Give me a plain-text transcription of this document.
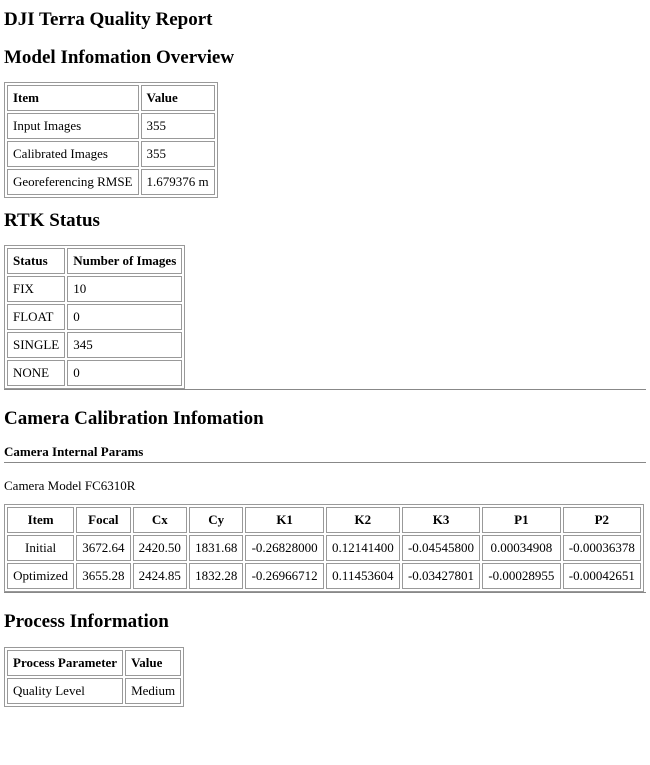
DJI Terra Quality Report
Model Infomation Overview
Item	Value
Input Images	355
Calibrated Images	355
Georeferencing RMSE	1.679376 m
RTK Status
Status	Number of Images
FIX	10
FLOAT	0
SINGLE	345
NONE	0
Camera Calibration Infomation
Camera Internal Params
Camera Model FC6310R
Item	Focal	Cx	Cy	K1	K2	K3	P1	P2
Initial	3672.64	2420.50	1831.68	-0.26828000	0.12141400	-0.04545800	0.00034908	-0.00036378
Optimized	3655.28	2424.85	1832.28	-0.26966712	0.11453604	-0.03427801	-0.00028955	-0.00042651
Process Information
Process Parameter	Value
Quality Level	Medium
